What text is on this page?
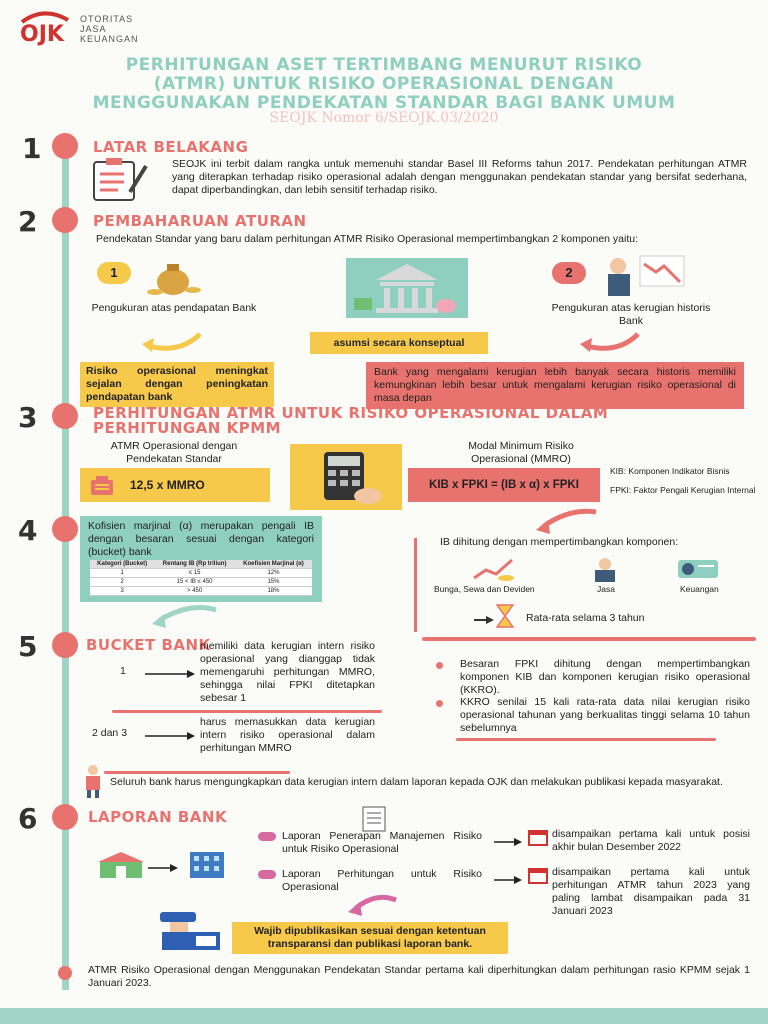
OJK
OTORITAS
JASA
KEUANGAN
PERHITUNGAN ASET TERTIMBANG MENURUT RISIKO
(ATMR) UNTUK RISIKO OPERASIONAL DENGAN
MENGGUNAKAN PENDEKATAN STANDAR BAGI BANK UMUM
SEOJK Nomor 6/SEOJK.03/2020
1	LATAR BELAKANG
SEOJK ini terbit dalam rangka untuk memenuhi standar Basel III Reforms tahun 2017. Pendekatan perhitungan ATMR yang diterapkan terhadap risiko operasional adalah dengan menggunakan pendekatan standar yang bersifat sederhana, dapat diperbandingkan, dan lebih sensitif terhadap risiko.
2	PEMBAHARUAN ATURAN
Pendekatan Standar yang baru dalam perhitungan ATMR Risiko Operasional mempertimbangkan 2 komponen yaitu:
1
Pengukuran atas pendapatan Bank
asumsi secara konseptual
2
Pengukuran atas kerugian historis Bank
Risiko operasional meningkat sejalan dengan peningkatan pendapatan bank
Bank yang mengalami kerugian lebih banyak secara historis memiliki kemungkinan lebih besar untuk mengalami kerugian risiko operasional di masa depan
3	PERHITUNGAN ATMR UNTUK RISIKO OPERASIONAL DALAM
PERHITUNGAN KPMM
ATMR Operasional dengan Pendekatan Standar
12,5 x MMRO
Modal Minimum Risiko Operasional (MMRO)
KIB x FPKI = (IB x α) x FPKI
KIB: Komponen Indikator Bisnis
FPKI: Faktor Pengali Kerugian Internal
4	Kofisien marjinal (α) merupakan pengali IB dengan besaran sesuai dengan kategori (bucket) bank
Kategori (Bucket)	Rentang IB (Rp triliun)	Koefisien Marjinal (α)
1	≤ 15	12%
2	15 < IB ≤ 450	15%
3	> 450	18%
IB dihitung dengan mempertimbangkan komponen:
Bunga, Sewa dan Deviden	Jasa	Keuangan
Rata-rata selama 3 tahun
5	BUCKET BANK
1
memiliki data kerugian intern risiko operasional yang dianggap tidak memengaruhi perhitungan MMRO, sehingga nilai FPKI ditetapkan sebesar 1
2 dan 3
harus memasukkan data kerugian intern risiko operasional dalam perhitungan MMRO
Besaran FPKI dihitung dengan mempertimbangkan komponen KIB dan komponen kerugian risiko operasional (KKRO).
KKRO senilai 15 kali rata-rata data nilai kerugian risiko operasional tahunan yang berkualitas tinggi selama 10 tahun sebelumnya
Seluruh bank harus mengungkapkan data kerugian intern dalam laporan kepada OJK dan melakukan publikasi kepada masyarakat.
6	LAPORAN BANK
Laporan Penerapan Manajemen Risiko untuk Risiko Operasional
disampaikan pertama kali untuk posisi akhir bulan Desember 2022
Laporan Perhitungan untuk Risiko Operasional
disampaikan pertama kali untuk perhitungan ATMR tahun 2023 yang paling lambat disampaikan pada 31 Januari 2023
Wajib dipublikasikan sesuai dengan ketentuan transparansi dan publikasi laporan bank.
ATMR Risiko Operasional dengan Menggunakan Pendekatan Standar pertama kali diperhitungkan dalam perhitungan rasio KPMM sejak 1 Januari 2023.
